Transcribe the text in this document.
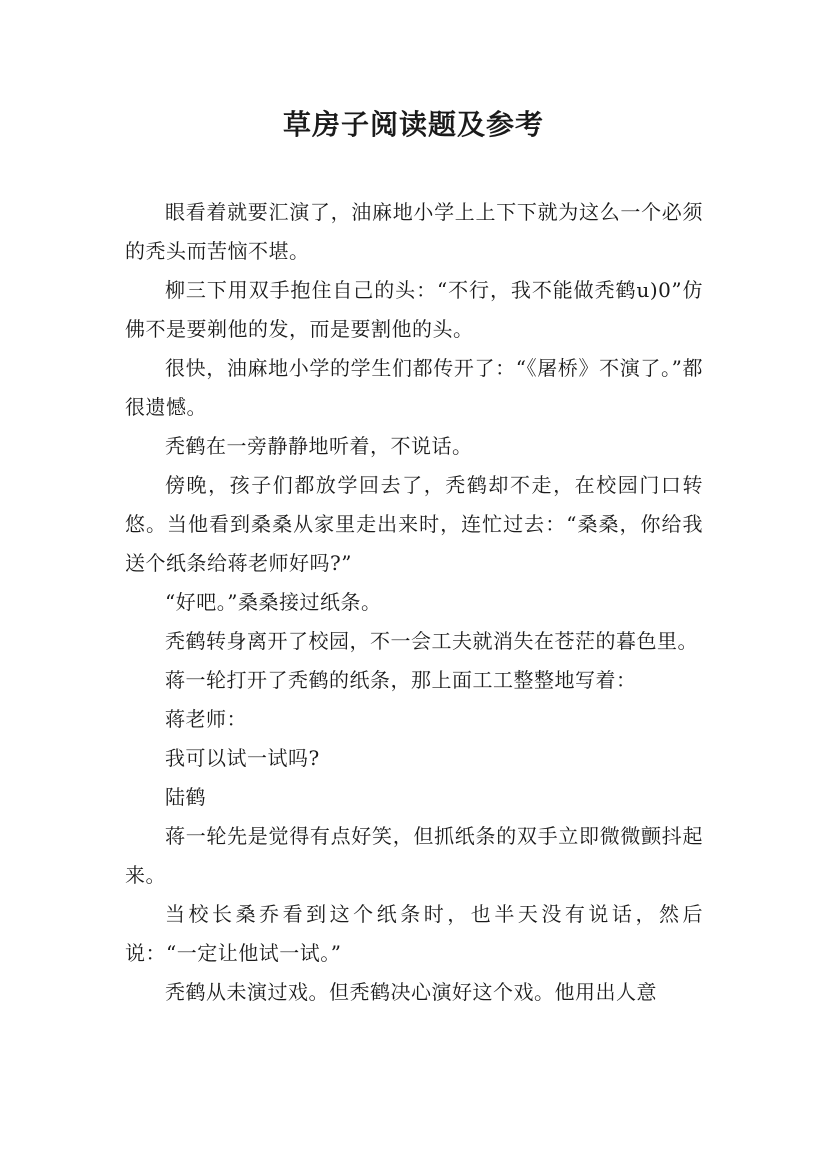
草房子阅读题及参考

眼看着就要汇演了，油麻地小学上上下下就为这么一个必须的秃头而苦恼不堪。

柳三下用双手抱住自己的头：“不行，我不能做秃鹤u)0”仿佛不是要剃他的发，而是要割他的头。

很快，油麻地小学的学生们都传开了：“《屠桥》不演了。”都很遗憾。

秃鹤在一旁静静地听着，不说话。

傍晚，孩子们都放学回去了，秃鹤却不走，在校园门口转悠。当他看到桑桑从家里走出来时，连忙过去：“桑桑，你给我送个纸条给蒋老师好吗?”

“好吧。”桑桑接过纸条。

秃鹤转身离开了校园，不一会工夫就消失在苍茫的暮色里。

蒋一轮打开了秃鹤的纸条，那上面工工整整地写着：

蒋老师：

我可以试一试吗?

陆鹤

蒋一轮先是觉得有点好笑，但抓纸条的双手立即微微颤抖起来。

当校长桑乔看到这个纸条时，也半天没有说话，然后说：“一定让他试一试。”

秃鹤从未演过戏。但秃鹤决心演好这个戏。他用出人意
